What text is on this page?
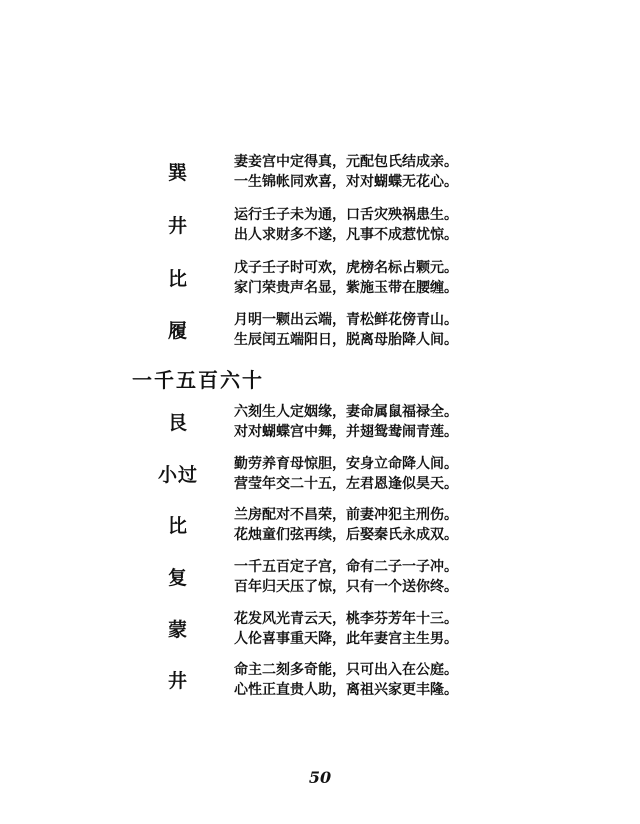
巽	妻妾宫中定得真，元配包氏结成亲。
一生锦帐同欢喜，对对蝴蝶无花心。
井	运行壬子未为通，口舌灾殃祸患生。
出人求财多不遂，凡事不成惹忧惊。
比	戊子壬子时可欢，虎榜名标占颗元。
家门荣贵声名显，紫施玉带在腰缠。
履	月明一颗出云端，青松鲜花傍青山。
生辰闰五端阳日，脱离母胎降人间。
一千五百六十
艮	六刻生人定姻缘，妻命属鼠福禄全。
对对蝴蝶宫中舞，并翅鸳鸯闹青莲。
小过	勤劳养育母惊胆，安身立命降人间。
营莹年交二十五，左君恩逢似昊天。
比	兰房配对不昌荣，前妻冲犯主刑伤。
花烛童们弦再续，后娶秦氏永成双。
复	一千五百定子宫，命有二子一子冲。
百年归天压了惊，只有一个送你终。
蒙	花发风光青云天，桃李芬芳年十三。
人伦喜事重天降，此年妻宫主生男。
井	命主二刻多奇能，只可出入在公庭。
心性正直贵人助，离祖兴家更丰隆。
50
